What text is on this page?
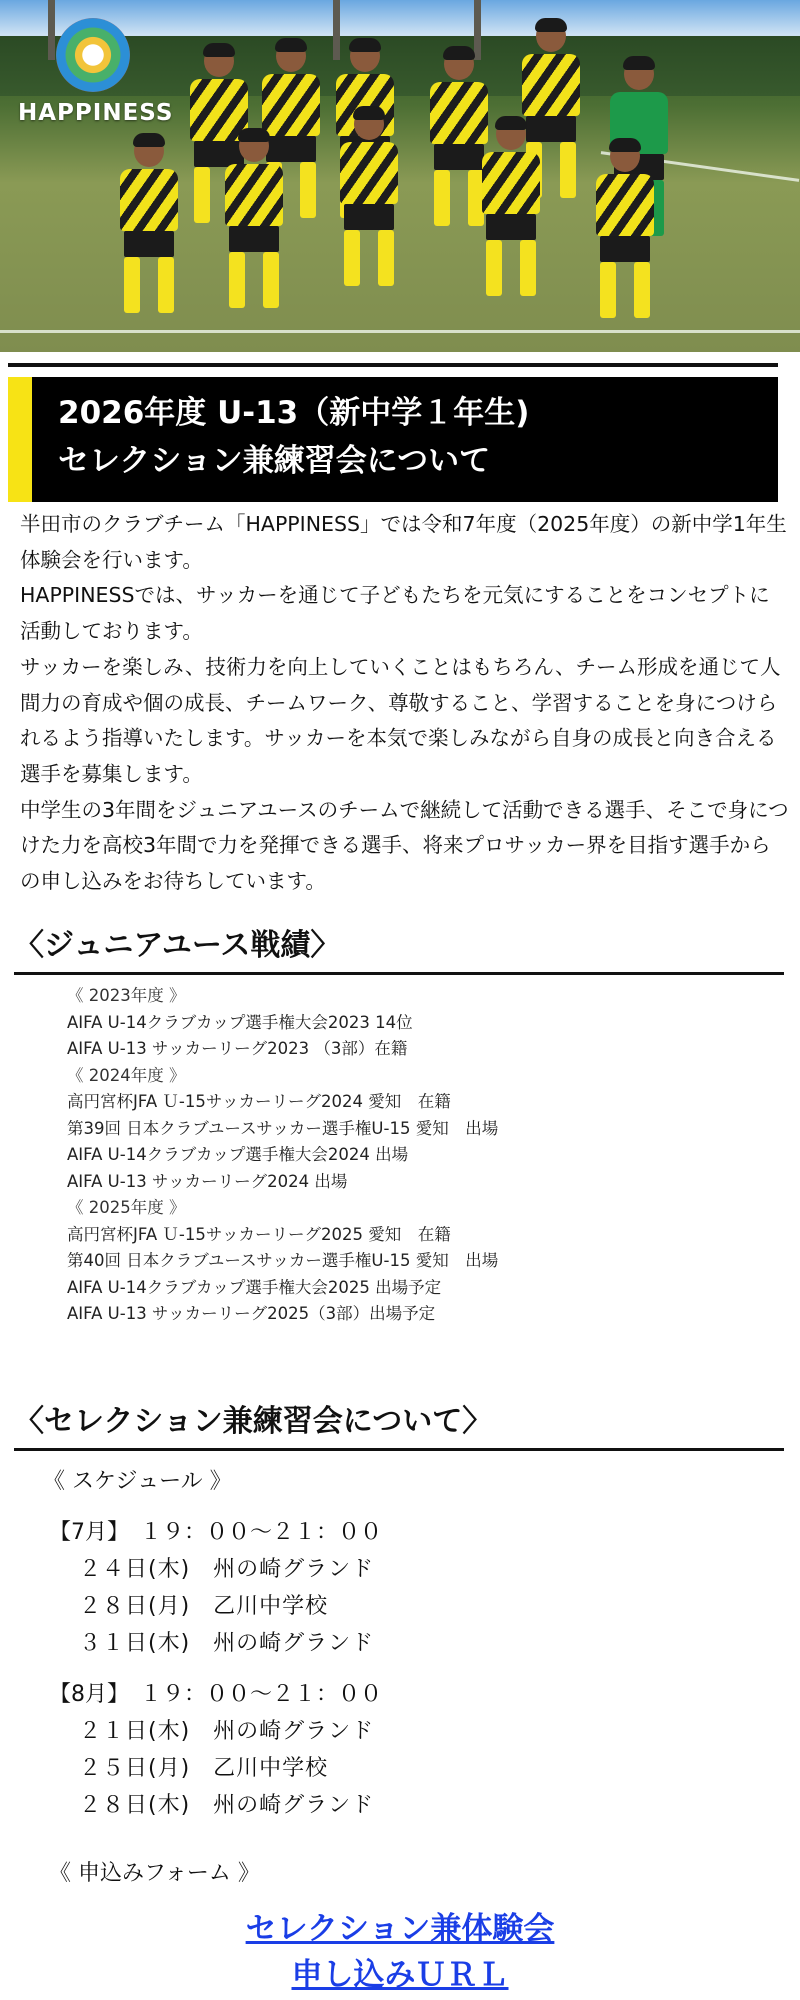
HAPPINESS
2026年度 U-13（新中学１年生)
セレクション兼練習会について
半田市のクラブチーム「HAPPINESS」では令和7年度（2025年度）の新中学1年生体験会を行います。
HAPPINESSでは、サッカーを通じて子どもたちを元気にすることをコンセプトに活動しております。
サッカーを楽しみ、技術力を向上していくことはもちろん、チーム形成を通じて人間力の育成や個の成長、チームワーク、尊敬すること、学習することを身につけられるよう指導いたします。サッカーを本気で楽しみながら自身の成長と向き合える選手を募集します。
中学生の3年間をジュニアユースのチームで継続して活動できる選手、そこで身につけた力を高校3年間で力を発揮できる選手、将来プロサッカー界を目指す選手からの申し込みをお待ちしています。
〈ジュニアユース戦績〉
《 2023年度 》
AIFA U-14クラブカップ選手権大会2023 14位
AIFA U-13 サッカーリーグ2023 （3部）在籍
《 2024年度 》
高円宮杯JFA Ｕ-15サッカーリーグ2024 愛知　在籍
第39回 日本クラブユースサッカー選手権U-15 愛知　出場
AIFA U-14クラブカップ選手権大会2024 出場
AIFA U-13 サッカーリーグ2024 出場
《 2025年度 》
高円宮杯JFA Ｕ-15サッカーリーグ2025 愛知　在籍
第40回 日本クラブユースサッカー選手権U-15 愛知　出場
AIFA U-14クラブカップ選手権大会2025 出場予定
AIFA U-13 サッカーリーグ2025（3部）出場予定
〈セレクション兼練習会について〉
《 スケジュール 》
【7月】　１９：００～２１：００
２４日(木)　州の崎グランド
２８日(月)　乙川中学校
３１日(木)　州の崎グランド
【8月】　１９：００～２１：００
２１日(木)　州の崎グランド
２５日(月)　乙川中学校
２８日(木)　州の崎グランド
《 申込みフォーム 》
セレクション兼体験会
申し込みＵＲＬ
